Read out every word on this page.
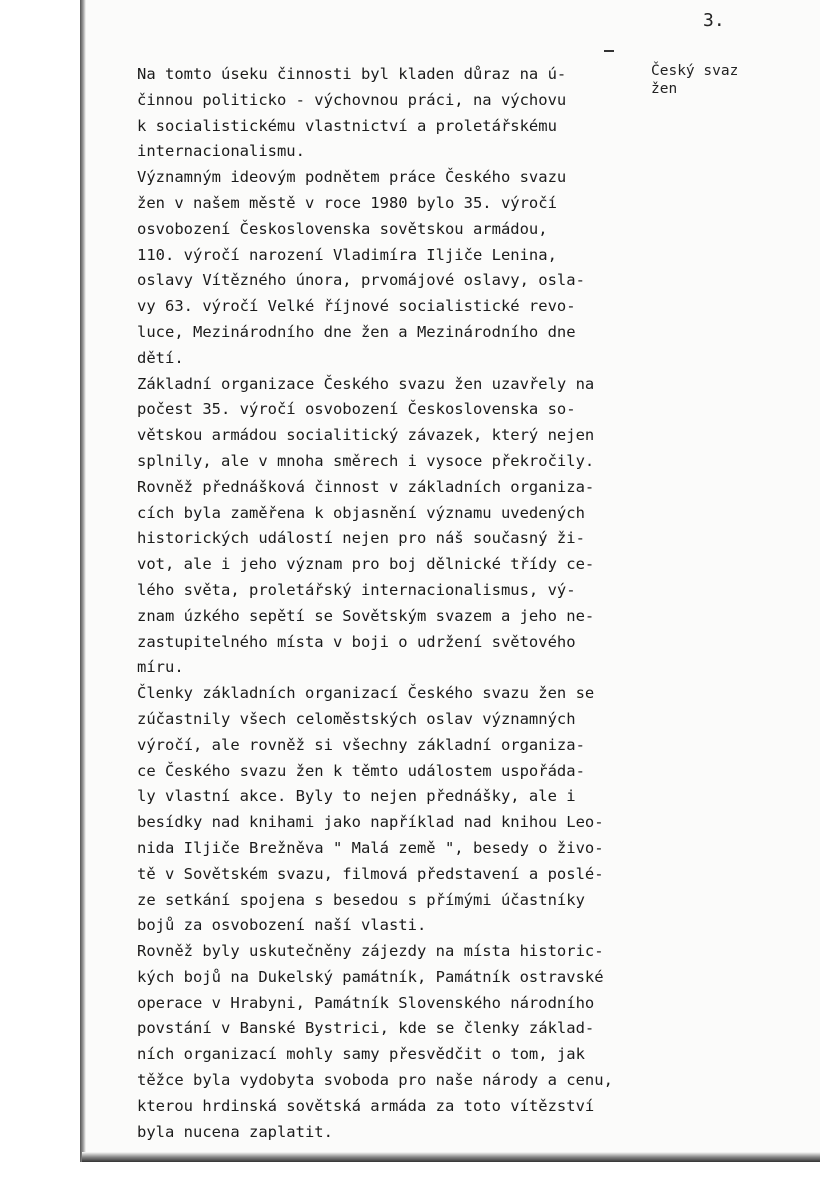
3.
Český svaz
žen
Na tomto úseku činnosti byl kladen důraz na ú-
činnou politicko - výchovnou práci, na výchovu
k socialistickému vlastnictví a proletářskému
internacionalismu.
Významným ideovým podnětem práce Českého svazu
žen v našem městě v roce 1980 bylo 35. výročí
osvobození Československa sovětskou armádou,
110. výročí narození Vladimíra Iljiče Lenina,
oslavy Vítězného února, prvomájové oslavy, osla-
vy 63. výročí Velké říjnové socialistické revo-
luce, Mezinárodního dne žen a Mezinárodního dne
dětí.
Základní organizace Českého svazu žen uzavřely na
počest 35. výročí osvobození Československa so-
větskou armádou socialitický závazek, který nejen
splnily, ale v mnoha směrech i vysoce překročily.
Rovněž přednášková činnost v základních organiza-
cích byla zaměřena k objasnění významu uvedených
historických událostí nejen pro náš současný ži-
vot, ale i jeho význam pro boj dělnické třídy ce-
lého světa, proletářský internacionalismus, vý-
znam úzkého sepětí se Sovětským svazem a jeho ne-
zastupitelného místa v boji o udržení světového
míru.
Členky základních organizací Českého svazu žen se
zúčastnily všech celoměstských oslav významných
výročí, ale rovněž si všechny základní organiza-
ce Českého svazu žen k těmto událostem uspořáda-
ly vlastní akce. Byly to nejen přednášky, ale i
besídky nad knihami jako například nad knihou Leo-
nida Iljiče Brežněva " Malá země ", besedy o živo-
tě v Sovětském svazu, filmová představení a poslé-
ze setkání spojena s besedou s přímými účastníky
bojů za osvobození naší vlasti.
Rovněž byly uskutečněny zájezdy na místa historic-
kých bojů na Dukelský památník, Památník ostravské
operace v Hrabyni, Památník Slovenského národního
povstání v Banské Bystrici, kde se členky základ-
ních organizací mohly samy přesvědčit o tom, jak
těžce byla vydobyta svoboda pro naše národy a cenu,
kterou hrdinská sovětská armáda za toto vítězství
byla nucena zaplatit.
